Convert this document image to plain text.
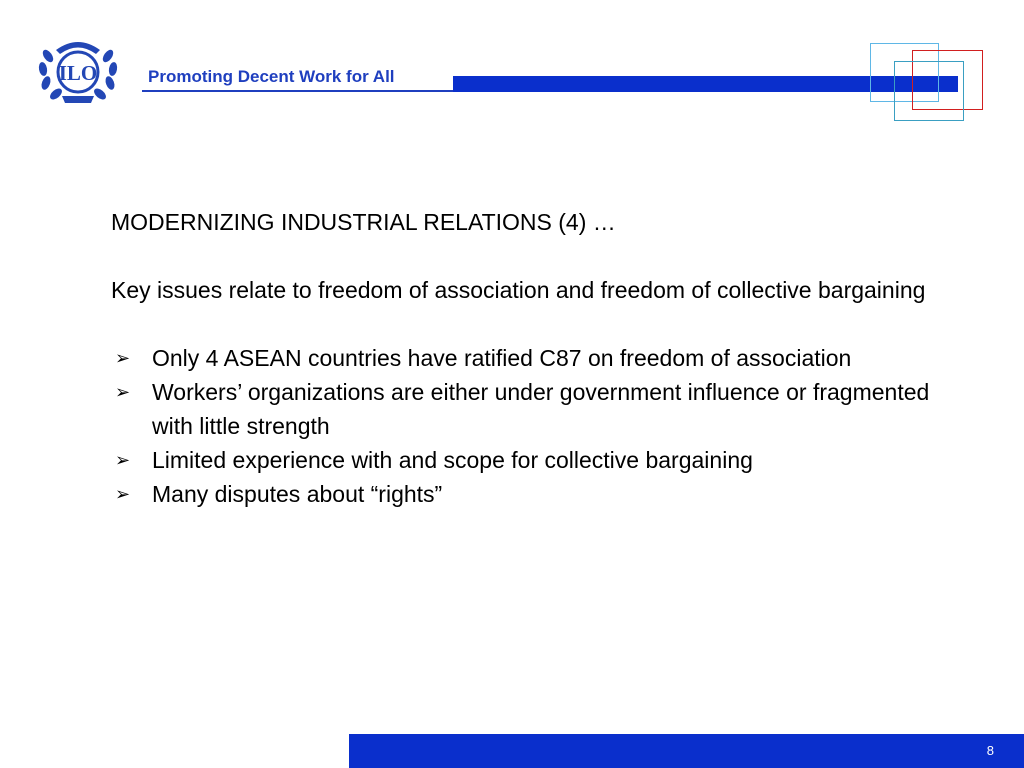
ILO	Promoting Decent Work for All
MODERNIZING INDUSTRIAL RELATIONS (4) …
Key issues relate to freedom of association and freedom of collective bargaining
➢ Only 4 ASEAN countries have ratified C87 on freedom of association
➢ Workers’ organizations are either under government influence or fragmented with little strength
➢ Limited experience with and scope for collective bargaining
➢ Many disputes about “rights”
8
